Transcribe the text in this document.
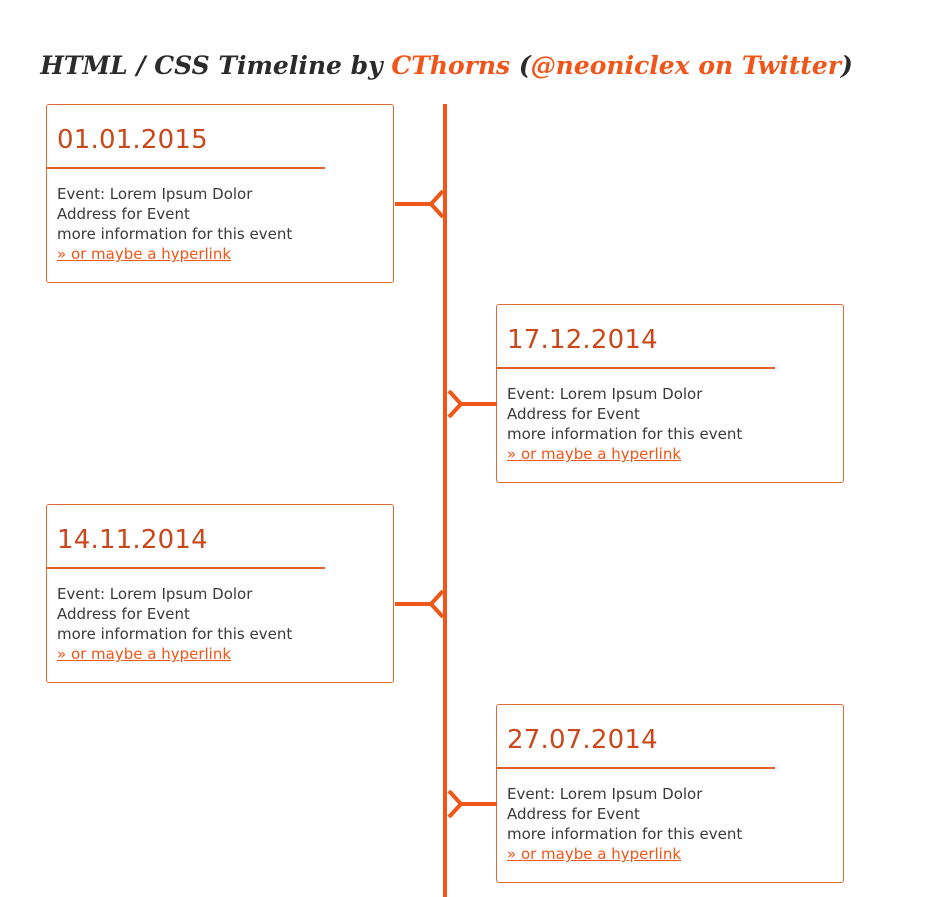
HTML / CSS Timeline by CThorns (@neoniclex on Twitter)
01.01.2015
Event: Lorem Ipsum Dolor
Address for Event
more information for this event
» or maybe a hyperlink
17.12.2014
Event: Lorem Ipsum Dolor
Address for Event
more information for this event
» or maybe a hyperlink
14.11.2014
Event: Lorem Ipsum Dolor
Address for Event
more information for this event
» or maybe a hyperlink
27.07.2014
Event: Lorem Ipsum Dolor
Address for Event
more information for this event
» or maybe a hyperlink
